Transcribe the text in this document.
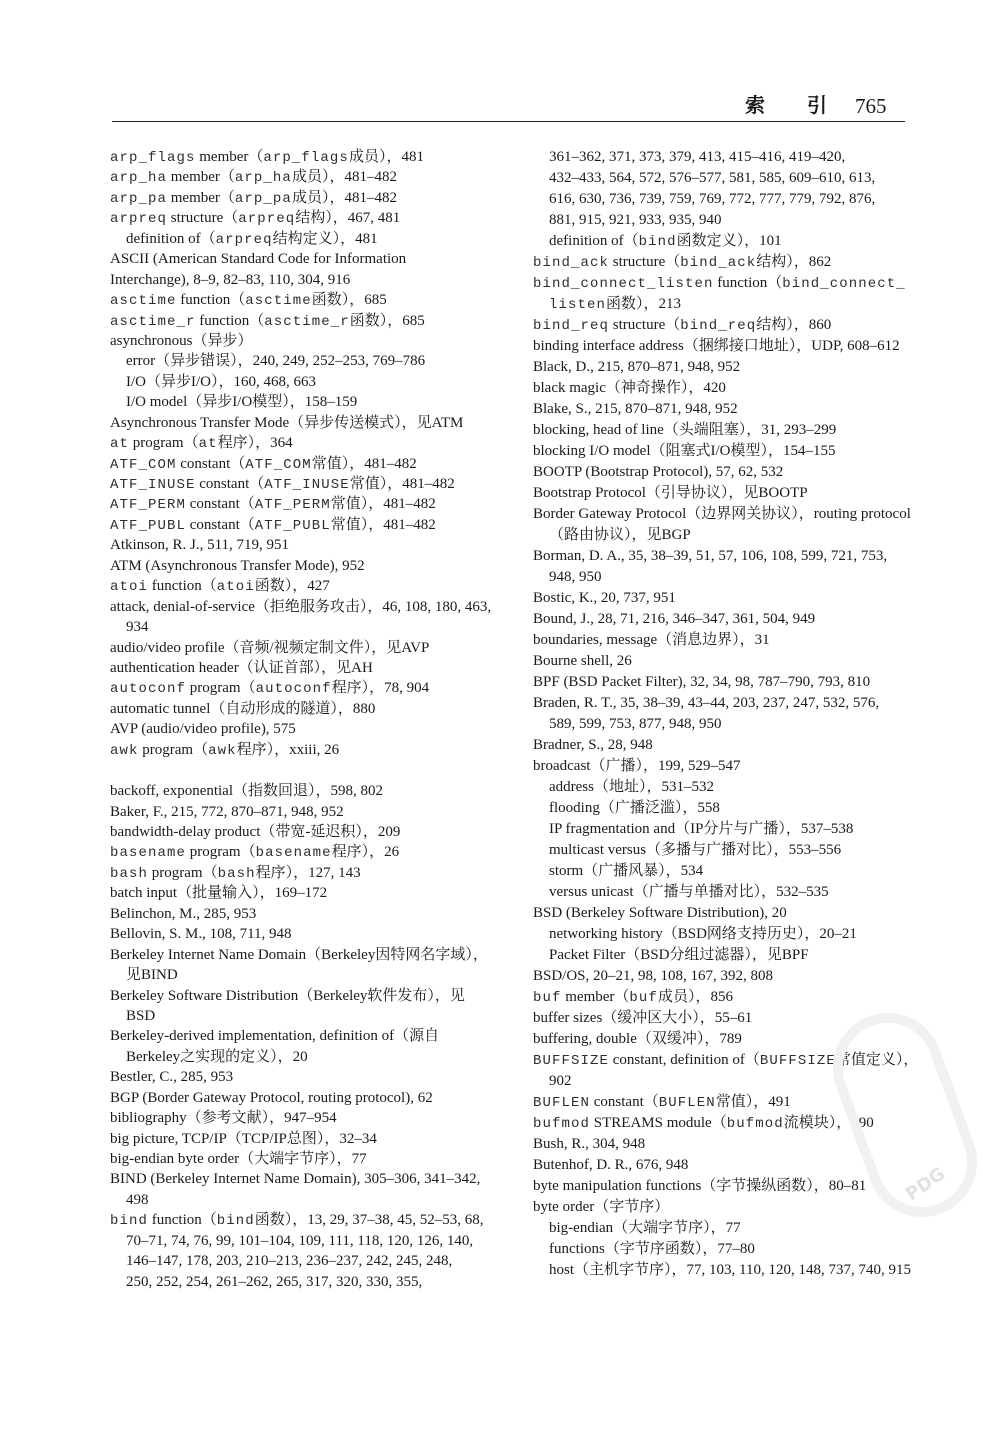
索 引 765
arp_flags member（arp_flags成员），481
arp_ha member（arp_ha成员），481–482
arp_pa member（arp_pa成员），481–482
arpreq structure（arpreq结构），467, 481
definition of（arpreq结构定义），481
ASCII (American Standard Code for Information
Interchange), 8–9, 82–83, 110, 304, 916
asctime function（asctime函数），685
asctime_r function（asctime_r函数），685
asynchronous（异步）
error（异步错误），240, 249, 252–253, 769–786
I/O（异步I/O），160, 468, 663
I/O model（异步I/O模型），158–159
Asynchronous Transfer Mode（异步传送模式），见ATM
at program（at程序），364
ATF_COM constant（ATF_COM常值），481–482
ATF_INUSE constant（ATF_INUSE常值），481–482
ATF_PERM constant（ATF_PERM常值），481–482
ATF_PUBL constant（ATF_PUBL常值），481–482
Atkinson, R. J., 511, 719, 951
ATM (Asynchronous Transfer Mode), 952
atoi function（atoi函数），427
attack, denial-of-service（拒绝服务攻击），46, 108, 180, 463,
934
audio/video profile（音频/视频定制文件），见AVP
authentication header（认证首部），见AH
autoconf program（autoconf程序），78, 904
automatic tunnel（自动形成的隧道），880
AVP (audio/video profile), 575
awk program（awk程序），xxiii, 26
backoff, exponential（指数回退），598, 802
Baker, F., 215, 772, 870–871, 948, 952
bandwidth-delay product（带宽-延迟积），209
basename program（basename程序），26
bash program（bash程序），127, 143
batch input（批量输入），169–172
Belinchon, M., 285, 953
Bellovin, S. M., 108, 711, 948
Berkeley Internet Name Domain（Berkeley因特网名字域），
见BIND
Berkeley Software Distribution（Berkeley软件发布），见
BSD
Berkeley-derived implementation, definition of（源自
Berkeley之实现的定义），20
Bestler, C., 285, 953
BGP (Border Gateway Protocol, routing protocol), 62
bibliography（参考文献），947–954
big picture, TCP/IP（TCP/IP总图），32–34
big-endian byte order（大端字节序），77
BIND (Berkeley Internet Name Domain), 305–306, 341–342,
498
bind function（bind函数），13, 29, 37–38, 45, 52–53, 68,
70–71, 74, 76, 99, 101–104, 109, 111, 118, 120, 126, 140,
146–147, 178, 203, 210–213, 236–237, 242, 245, 248,
250, 252, 254, 261–262, 265, 317, 320, 330, 355,
361–362, 371, 373, 379, 413, 415–416, 419–420,
432–433, 564, 572, 576–577, 581, 585, 609–610, 613,
616, 630, 736, 739, 759, 769, 772, 777, 779, 792, 876,
881, 915, 921, 933, 935, 940
definition of（bind函数定义），101
bind_ack structure（bind_ack结构），862
bind_connect_listen function（bind_connect_
listen函数），213
bind_req structure（bind_req结构），860
binding interface address（捆绑接口地址），UDP, 608–612
Black, D., 215, 870–871, 948, 952
black magic（神奇操作），420
Blake, S., 215, 870–871, 948, 952
blocking, head of line（头端阻塞），31, 293–299
blocking I/O model（阻塞式I/O模型），154–155
BOOTP (Bootstrap Protocol), 57, 62, 532
Bootstrap Protocol（引导协议），见BOOTP
Border Gateway Protocol（边界网关协议），routing protocol
（路由协议），见BGP
Borman, D. A., 35, 38–39, 51, 57, 106, 108, 599, 721, 753,
948, 950
Bostic, K., 20, 737, 951
Bound, J., 28, 71, 216, 346–347, 361, 504, 949
boundaries, message（消息边界），31
Bourne shell, 26
BPF (BSD Packet Filter), 32, 34, 98, 787–790, 793, 810
Braden, R. T., 35, 38–39, 43–44, 203, 237, 247, 532, 576,
589, 599, 753, 877, 948, 950
Bradner, S., 28, 948
broadcast（广播），199, 529–547
address（地址），531–532
flooding（广播泛滥），558
IP fragmentation and（IP分片与广播），537–538
multicast versus（多播与广播对比），553–556
storm（广播风暴），534
versus unicast（广播与单播对比），532–535
BSD (Berkeley Software Distribution), 20
networking history（BSD网络支持历史），20–21
Packet Filter（BSD分组过滤器），见BPF
BSD/OS, 20–21, 98, 108, 167, 392, 808
buf member（buf成员），856
buffer sizes（缓冲区大小），55–61
buffering, double（双缓冲），789
BUFFSIZE constant, definition of（BUFFSIZE常值定义），
902
BUFLEN constant（BUFLEN常值），491
bufmod STREAMS module（bufmod流模块），790
Bush, R., 304, 948
Butenhof, D. R., 676, 948
byte manipulation functions（字节操纵函数），80–81
byte order（字节序）
big-endian（大端字节序），77
functions（字节序函数），77–80
host（主机字节序），77, 103, 110, 120, 148, 737, 740, 915
PDG
